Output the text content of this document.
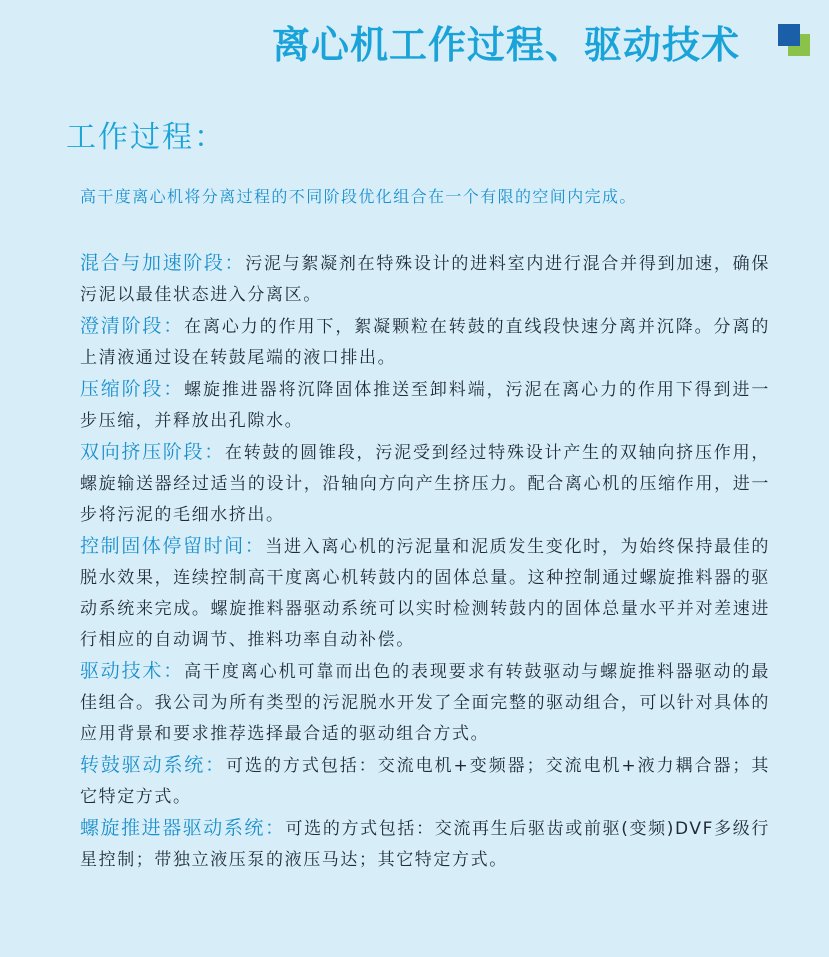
离心机工作过程、驱动技术
工作过程：
高干度离心机将分离过程的不同阶段优化组合在一个有限的空间内完成。
混合与加速阶段：污泥与絮凝剂在特殊设计的进料室内进行混合并得到加速，确保污泥以最佳状态进入分离区。
澄清阶段：在离心力的作用下，絮凝颗粒在转鼓的直线段快速分离并沉降。分离的上清液通过设在转鼓尾端的液口排出。
压缩阶段：螺旋推进器将沉降固体推送至卸料端，污泥在离心力的作用下得到进一步压缩，并释放出孔隙水。
双向挤压阶段：在转鼓的圆锥段，污泥受到经过特殊设计产生的双轴向挤压作用，螺旋输送器经过适当的设计，沿轴向方向产生挤压力。配合离心机的压缩作用，进一步将污泥的毛细水挤出。
控制固体停留时间：当进入离心机的污泥量和泥质发生变化时，为始终保持最佳的脱水效果，连续控制高干度离心机转鼓内的固体总量。这种控制通过螺旋推料器的驱动系统来完成。螺旋推料器驱动系统可以实时检测转鼓内的固体总量水平并对差速进行相应的自动调节、推料功率自动补偿。
驱动技术：高干度离心机可靠而出色的表现要求有转鼓驱动与螺旋推料器驱动的最佳组合。我公司为所有类型的污泥脱水开发了全面完整的驱动组合，可以针对具体的应用背景和要求推荐选择最合适的驱动组合方式。
转鼓驱动系统：可选的方式包括：交流电机+变频器；交流电机+液力耦合器；其它特定方式。
螺旋推进器驱动系统：可选的方式包括：交流再生后驱齿或前驱(变频)DVF多级行星控制；带独立液压泵的液压马达；其它特定方式。
